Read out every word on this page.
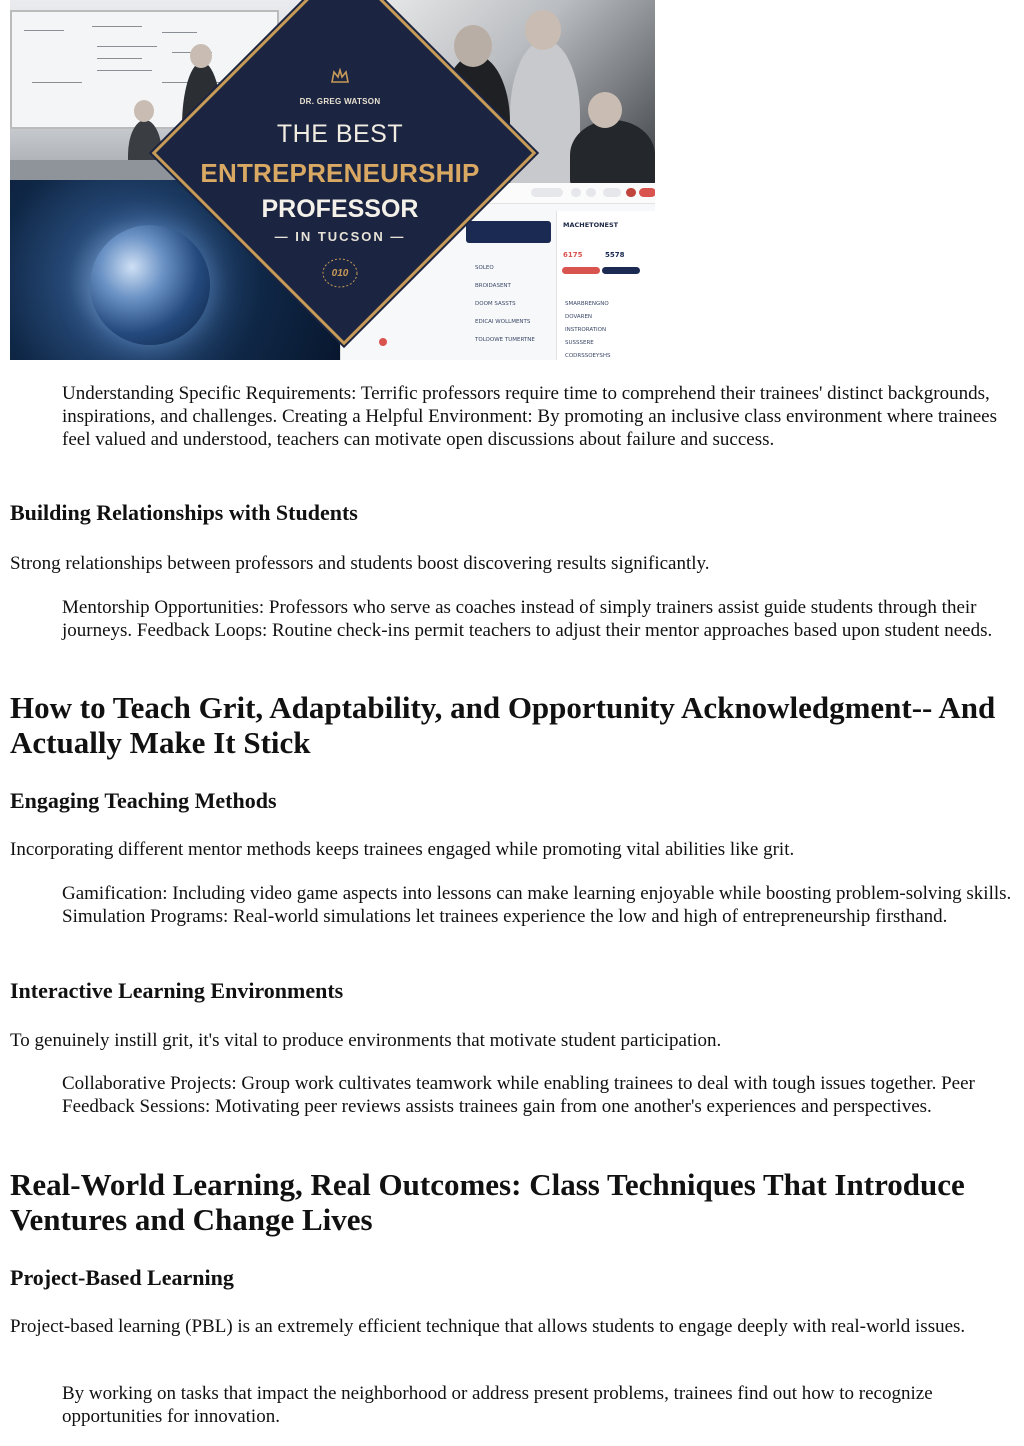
SOLEO
BROIDASENT
DOOM SASSTS
EDICAI WOLLMENTS
TOLOOWE TUMERTNE
MACHETONEST
6175	5578
SMARBRENGNO
DOVAREN
INSTRORATION
SUSSSERE
CODRSSOEYSHS
DR. GREG WATSON
THE BEST
ENTREPRENEURSHIP
PROFESSOR
— IN TUCSON —
010
Understanding Specific Requirements: Terrific professors require time to comprehend their trainees' distinct backgrounds, inspirations, and challenges. Creating a Helpful Environment: By promoting an inclusive class environment where trainees feel valued and understood, teachers can motivate open discussions about failure and success.
Building Relationships with Students

Strong relationships between professors and students boost discovering results significantly.

Mentorship Opportunities: Professors who serve as coaches instead of simply trainers assist guide students through their journeys. Feedback Loops: Routine check-ins permit teachers to adjust their mentor approaches based upon student needs.
How to Teach Grit, Adaptability, and Opportunity Acknowledgment-- And Actually Make It Stick
Engaging Teaching Methods

Incorporating different mentor methods keeps trainees engaged while promoting vital abilities like grit.

Gamification: Including video game aspects into lessons can make learning enjoyable while boosting problem-solving skills. Simulation Programs: Real-world simulations let trainees experience the low and high of entrepreneurship firsthand.
Interactive Learning Environments

To genuinely instill grit, it's vital to produce environments that motivate student participation.

Collaborative Projects: Group work cultivates teamwork while enabling trainees to deal with tough issues together. Peer Feedback Sessions: Motivating peer reviews assists trainees gain from one another's experiences and perspectives.
Real-World Learning, Real Outcomes: Class Techniques That Introduce Ventures and Change Lives
Project-Based Learning

Project-based learning (PBL) is an extremely efficient technique that allows students to engage deeply with real-world issues.

By working on tasks that impact the neighborhood or address present problems, trainees find out how to recognize opportunities for innovation.
